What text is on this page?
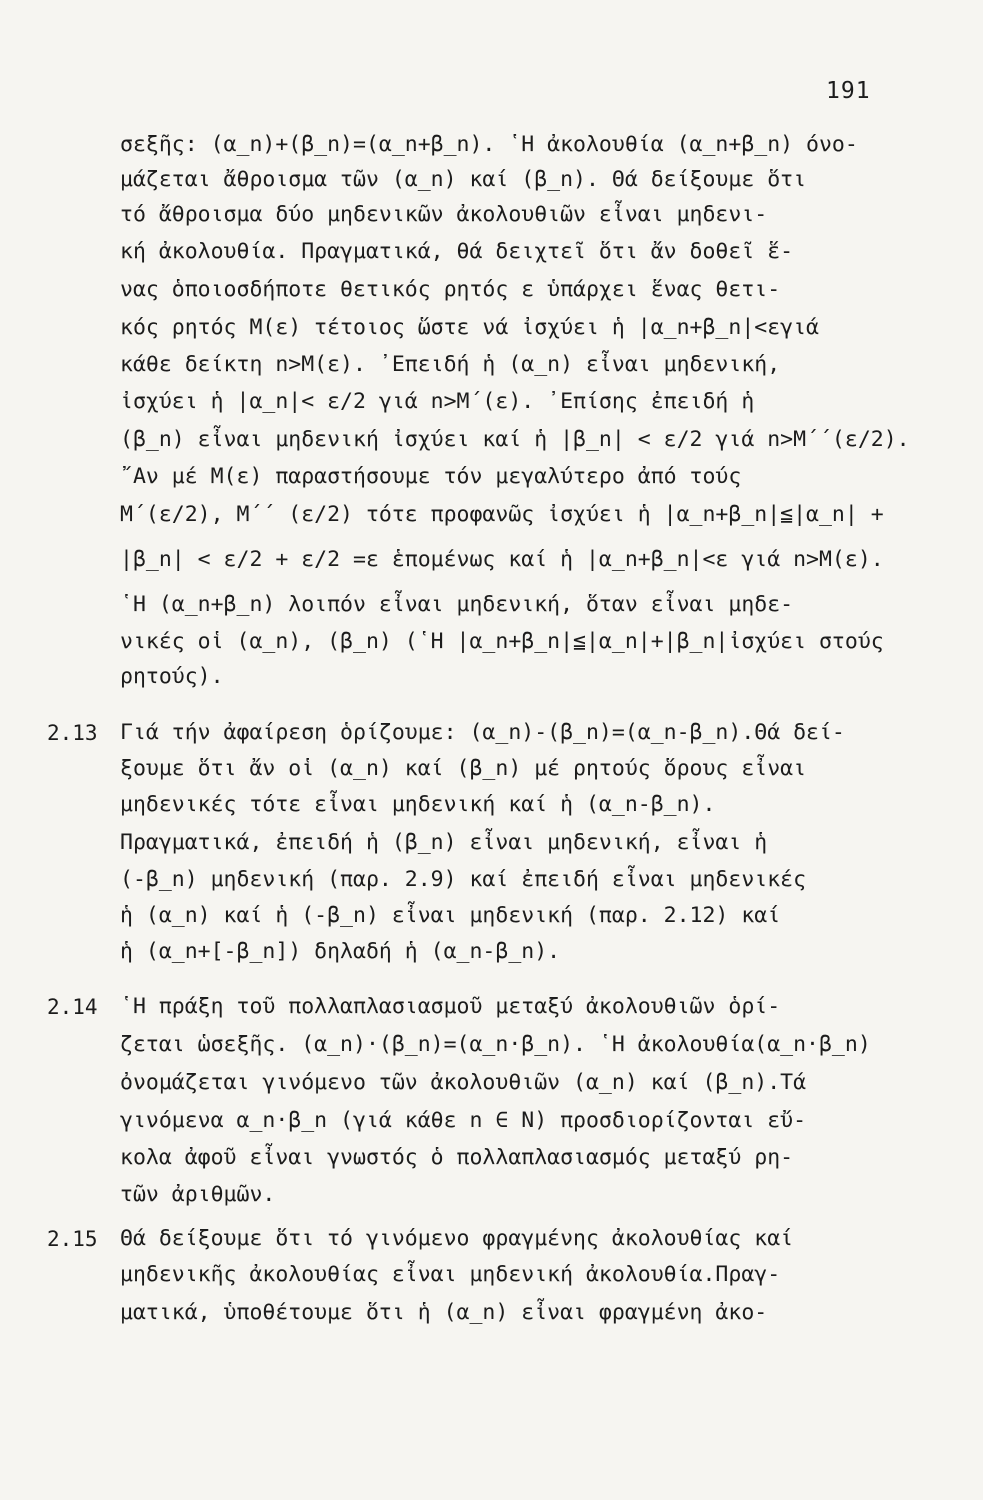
191
2.13
2.14
2.15
σεξῆς: (α_n)+(β_n)=(α_n+β_n). ῾Η ἀκολουθία (α_n+β_n) όνο-
μάζεται ἄθροισμα τῶν (α_n) καί (β_n). Θά δείξουμε ὅτι
τό ἄθροισμα δύο μηδενικῶν ἀκολουθιῶν εἶναι μηδενι-
κή ἀκολουθία. Πραγματικά, θά δειχτεῖ ὅτι ἄν δοθεῖ ἕ-
νας ὁποιοσδήποτε θετικός ρητός ε ὑπάρχει ἕνας θετι-
κός ρητός Μ(ε) τέτοιος ὥστε νά ἰσχύει ἡ |α_n+β_n|<εγιά
κάθε δείκτη n>M(ε). ᾿Επειδή ἡ (α_n) εἶναι μηδενική,
ἰσχύει ἡ |α_n|< ε/2 γιά n>M΄(ε). ᾿Επίσης ἐπειδή ἡ
(β_n) εἶναι μηδενική ἰσχύει καί ἡ |β_n| < ε/2 γιά n>M΄΄(ε/2).
῎Αν μέ Μ(ε) παραστήσουμε τόν μεγαλύτερο ἀπό τούς
Μ΄(ε/2), Μ΄΄ (ε/2) τότε προφανῶς ἰσχύει ἡ |α_n+β_n|≦|α_n| +
|β_n| < ε/2 + ε/2 =ε ἑπομένως καί ἡ |α_n+β_n|<ε γιά n>M(ε).
῾Η (α_n+β_n) λοιπόν εἶναι μηδενική, ὅταν εἶναι μηδε-
νικές οἱ (α_n), (β_n) (῾Η |α_n+β_n|≦|α_n|+|β_n|ἰσχύει στούς
ρητούς).
Γιά τήν ἀφαίρεση ὁρίζουμε: (α_n)-(β_n)=(α_n-β_n).Θά δεί-
ξουμε ὅτι ἄν οἱ (α_n) καί (β_n) μέ ρητούς ὅρους εἶναι
μηδενικές τότε εἶναι μηδενική καί ἡ (α_n-β_n).
Πραγματικά, ἐπειδή ἡ (β_n) εἶναι μηδενική, εἶναι ἡ
(-β_n) μηδενική (παρ. 2.9) καί ἐπειδή εἶναι μηδενικές
ἡ (α_n) καί ἡ (-β_n) εἶναι μηδενική (παρ. 2.12) καί
ἡ (α_n+[-β_n]) δηλαδή ἡ (α_n-β_n).
῾Η πράξη τοῦ πολλαπλασιασμοῦ μεταξύ ἀκολουθιῶν ὁρί-
ζεται ὡσεξῆς. (α_n)·(β_n)=(α_n·β_n). ῾Η ἀκολουθία(α_n·β_n)
ὀνομάζεται γινόμενο τῶν ἀκολουθιῶν (α_n) καί (β_n).Τά
γινόμενα α_n·β_n (γιά κάθε n ∈ N) προσδιορίζονται εὔ-
κολα ἀφοῦ εἶναι γνωστός ὁ πολλαπλασιασμός μεταξύ ρη-
τῶν ἀριθμῶν.
Θά δείξουμε ὅτι τό γινόμενο φραγμένης ἀκολουθίας καί
μηδενικῆς ἀκολουθίας εἶναι μηδενική ἀκολουθία.Πραγ-
ματικά, ὑποθέτουμε ὅτι ἡ (α_n) εἶναι φραγμένη ἀκο-
